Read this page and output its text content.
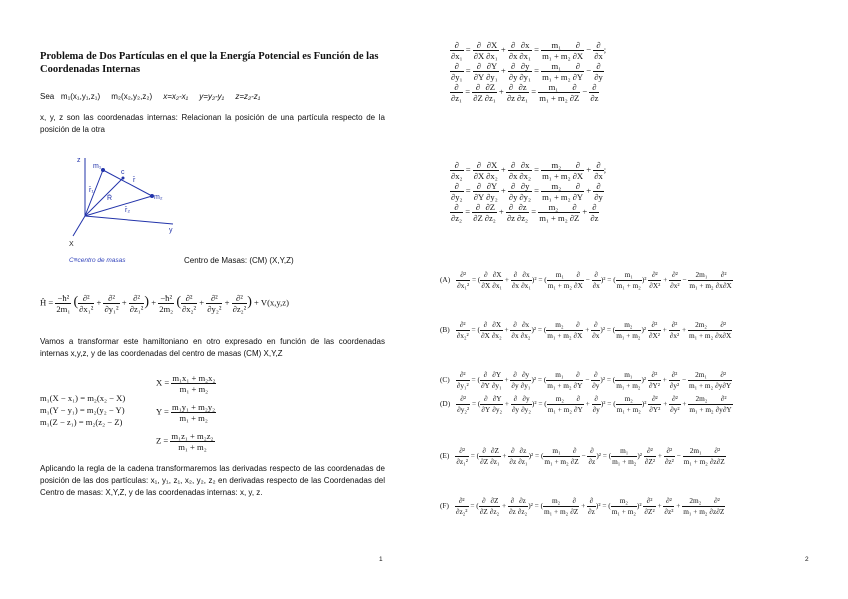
Problema de Dos Partículas en el que la Energía Potencial es Función de las Coordenadas Internas
Sea m₁(x₁,y₁,z₁) m₂(x₂,y₂,z₂) x=x₂-x₁ y=y₂-y₁ z=z₂-z₁
x, y, z son las coordenadas internas: Relacionan la posición de una partícula respecto de la posición de la otra
z
y
X
m₁
m₂
c
r̄
r̄₁
R̄
r̄₂
C≡centro de masas	Centro de Masas: (CM) (X,Y,Z)
Ĥ = $\frac{\text{−ħ²}}{\text{2m₁}}$ ( $\frac{\text{∂²}}{\text{∂x₁²}} + \frac{\text{∂²}}{\text{∂y₁²}} + \frac{\text{∂²}}{\text{∂z₁²}}$ ) + $\frac{\text{−ħ²}}{\text{2m₂}}$ ( $\frac{\text{∂²}}{\text{∂x₂²}} + \frac{\text{∂²}}{\text{∂y₂²}} + \frac{\text{∂²}}{\text{∂z₂²}}$ ) + V(x,y,z)
Vamos a transformar este hamiltoniano en otro expresado en función de las coordenadas internas x,y,z, y de las coordenadas del centro de masas (CM) X,Y,Z
m₁(X − x₁) = m₂(x₂ − X)
m₁(Y − y₁) = m₂(y₂ − Y)
m₁(Z − z₁) = m₂(z₂ − Z)
$X = \frac{\text{m₁x₁ + m₂x₂}}{\text{m₁ + m₂}}$
$Y = \frac{\text{m₁y₁ + m₂y₂}}{\text{m₁ + m₂}}$
$Z = \frac{\text{m₁z₁ + m₂z₂}}{\text{m₁ + m₂}}$
Aplicando la regla de la cadena transformaremos las derivadas respecto de las coordenadas de posición de las dos partículas: x₁, y₁, z₁, x₂, y₂, z₂ en derivadas respecto de las Coordenadas del Centro de masas: X,Y,Z, y de las coordenadas internas: x, y, z.
1
$\frac{\partial}{\text{∂x₁}} = \frac{\partial}{\partial X} \frac{\partial X}{\text{∂x₁}} + \frac{\partial}{\partial x} \frac{\partial x}{\text{∂x₁}} = \frac{\text{m₁}}{\text{m₁ + m₂}} \frac{\partial}{\partial X} - \frac{\partial}{\partial x}$ ;
$\frac{\partial}{\text{∂y₁}} = \frac{\partial}{\partial Y} \frac{\partial Y}{\text{∂y₁}} + \frac{\partial}{\partial y} \frac{\partial y}{\text{∂y₁}} = \frac{\text{m₁}}{\text{m₁ + m₂}} \frac{\partial}{\partial Y} - \frac{\partial}{\partial y}$
$\frac{\partial}{\text{∂z₁}} = \frac{\partial}{\partial Z} \frac{\partial Z}{\text{∂z₁}} + \frac{\partial}{\partial z} \frac{\partial z}{\text{∂z₁}} = \frac{\text{m₁}}{\text{m₁ + m₂}} \frac{\partial}{\partial Z} - \frac{\partial}{\partial z}$
$\frac{\partial}{\text{∂x₂}} = \frac{\partial}{\partial X} \frac{\partial X}{\text{∂x₂}} + \frac{\partial}{\partial x} \frac{\partial x}{\text{∂x₂}} = \frac{\text{m₂}}{\text{m₁ + m₂}} \frac{\partial}{\partial X} + \frac{\partial}{\partial x}$ ;
$\frac{\partial}{\text{∂y₂}} = \frac{\partial}{\partial Y} \frac{\partial Y}{\text{∂y₂}} + \frac{\partial}{\partial y} \frac{\partial y}{\text{∂y₂}} = \frac{\text{m₂}}{\text{m₁ + m₂}} \frac{\partial}{\partial Y} + \frac{\partial}{\partial y}$
$\frac{\partial}{\text{∂z₂}} = \frac{\partial}{\partial Z} \frac{\partial Z}{\text{∂z₂}} + \frac{\partial}{\partial z} \frac{\partial z}{\text{∂z₂}} = \frac{\text{m₂}}{\text{m₁ + m₂}} \frac{\partial}{\partial Z} + \frac{\partial}{\partial z}$
$(A) \frac{\text{∂²}}{\text{∂x₁²}}$ = ( $\frac{\partial}{\partial X} \frac{\partial X}{\text{∂x₁}} + \frac{\partial}{\partial x} \frac{\partial x}{\text{∂x₁}} )^2$ = ( $\frac{\text{m₁}}{\text{m₁ + m₂}} \frac{\partial}{\partial X} - \frac{\partial}{\partial x} )^2$ = ( $\frac{\text{m₁}}{\text{m₁ + m₂}} )^2 \frac{\text{∂²}}{\text{∂X²}} + \frac{\text{∂²}}{\text{∂x²}} - \frac{\text{2m₁}}{\text{m₁ + m₂}} \frac{\text{∂²}}{\partial x\partial X}$
$(B) \frac{\text{∂²}}{\text{∂x₂²}}$ = ( $\frac{\partial}{\partial X} \frac{\partial X}{\text{∂x₂}} + \frac{\partial}{\partial x} \frac{\partial x}{\text{∂x₂}} )^2$ = ( $\frac{\text{m₂}}{\text{m₁ + m₂}} \frac{\partial}{\partial X} + \frac{\partial}{\partial x} )^2$ = ( $\frac{\text{m₂}}{\text{m₁ + m₂}} )^2 \frac{\text{∂²}}{\text{∂X²}} + \frac{\text{∂²}}{\text{∂x²}} + \frac{\text{2m₂}}{\text{m₁ + m₂}} \frac{\text{∂²}}{\partial x\partial X}$
$(C) \frac{\text{∂²}}{\text{∂y₁²}}$ = ( $\frac{\partial}{\partial Y} \frac{\partial Y}{\text{∂y₁}} + \frac{\partial}{\partial y} \frac{\partial y}{\text{∂y₁}} )^2$ = ( $\frac{\text{m₁}}{\text{m₁ + m₂}} \frac{\partial}{\partial Y} - \frac{\partial}{\partial y} )^2$ = ( $\frac{\text{m₁}}{\text{m₁ + m₂}} )^2 \frac{\text{∂²}}{\text{∂Y²}} + \frac{\text{∂²}}{\text{∂y²}} - \frac{\text{2m₁}}{\text{m₁ + m₂}} \frac{\text{∂²}}{\partial y\partial Y}$
$(D) \frac{\text{∂²}}{\text{∂y₂²}}$ = ( $\frac{\partial}{\partial Y} \frac{\partial Y}{\text{∂y₂}} + \frac{\partial}{\partial y} \frac{\partial y}{\text{∂y₂}} )^2$ = ( $\frac{\text{m₂}}{\text{m₁ + m₂}} \frac{\partial}{\partial Y} + \frac{\partial}{\partial y} )^2$ = ( $\frac{\text{m₂}}{\text{m₁ + m₂}} )^2 \frac{\text{∂²}}{\text{∂Y²}} + \frac{\text{∂²}}{\text{∂y²}} + \frac{\text{2m₂}}{\text{m₁ + m₂}} \frac{\text{∂²}}{\partial y\partial Y}$
$(E) \frac{\text{∂²}}{\text{∂z₁²}}$ = ( $\frac{\partial}{\partial Z} \frac{\partial Z}{\text{∂z₁}} + \frac{\partial}{\partial z} \frac{\partial z}{\text{∂z₁}} )^2$ = ( $\frac{\text{m₁}}{\text{m₁ + m₂}} \frac{\partial}{\partial Z} - \frac{\partial}{\partial z} )^2$ = ( $\frac{\text{m₁}}{\text{m₁ + m₂}} )^2 \frac{\text{∂²}}{\text{∂Z²}} + \frac{\text{∂²}}{\text{∂z²}} - \frac{\text{2m₁}}{\text{m₁ + m₂}} \frac{\text{∂²}}{\partial z\partial Z}$
$(F) \frac{\text{∂²}}{\text{∂z₂²}}$ = ( $\frac{\partial}{\partial Z} \frac{\partial Z}{\text{∂z₂}} + \frac{\partial}{\partial z} \frac{\partial z}{\text{∂z₂}} )^2$ = ( $\frac{\text{m₂}}{\text{m₁ + m₂}} \frac{\partial}{\partial Z} + \frac{\partial}{\partial z} )^2$ = ( $\frac{\text{m₂}}{\text{m₁ + m₂}} )^2 \frac{\text{∂²}}{\text{∂Z²}} + \frac{\text{∂²}}{\text{∂z²}} + \frac{\text{2m₂}}{\text{m₁ + m₂}} \frac{\text{∂²}}{\partial z\partial Z}$
2
